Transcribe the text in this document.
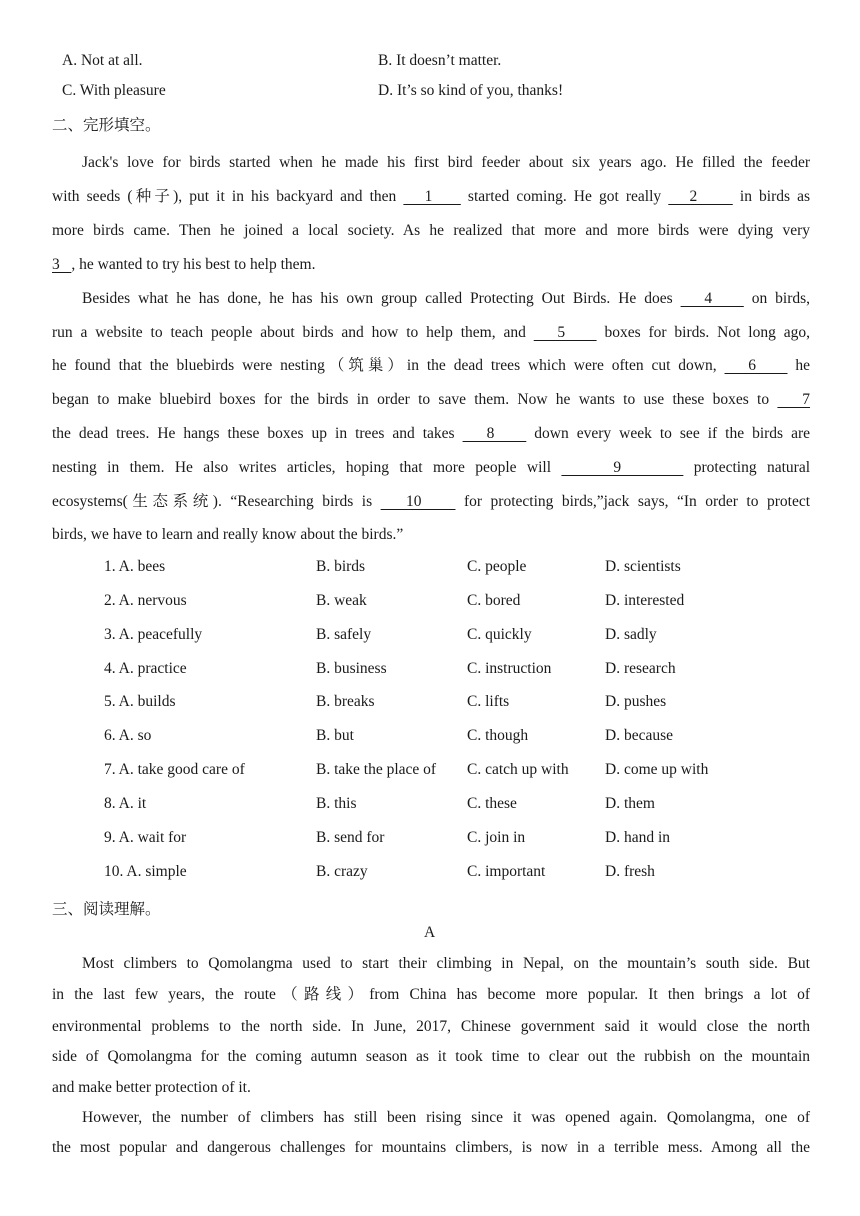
A. Not at all.	B. It doesn’t matter.
C. With pleasure	D. It’s so kind of you, thanks!
二、完形填空。
Jack's love for birds started when he made his first bird feeder about six years ago. He filled the feeder
with seeds (种子), put it in his backyard and then    1     started coming. He got really    2      in birds as
more birds came. Then he joined a local society. As he realized that more and more birds were dying very
3   , he wanted to try his best to help them.
Besides what he has done, he has his own group called Protecting Out Birds. He does    4     on birds,
run a website to teach people about birds and how to help them, and    5     boxes for birds. Not long ago,
he found that the bluebirds were nesting（筑巢）in the dead trees which were often cut down,    6     he
began to make bluebird boxes for the birds in order to save them. Now he wants to use these boxes to    7
the dead trees. He hangs these boxes up in trees and takes    8     down every week to see if the birds are
nesting in them. He also writes articles, hoping that more people will      9       protecting natural
ecosystems(生态系统). “Researching birds is    10     for protecting birds,”jack says, “In order to protect
birds, we have to learn and really know about the birds.”
1. A. bees	B. birds	C. people	D. scientists
2. A. nervous	B. weak	C. bored	D. interested
3. A. peacefully	B. safely	C. quickly	D. sadly
4. A. practice	B. business	C. instruction	D. research
5. A. builds	B. breaks	C. lifts	D. pushes
6. A. so	B. but	C. though	D. because
7. A. take good care of	B. take the place of C. catch up with D. come up with
8. A. it	B. this	C. these	D. them
9. A. wait for	B. send for	C. join in	D. hand in
10. A. simple	B. crazy	C. important	D. fresh
三、阅读理解。
A
Most climbers to Qomolangma used to start their climbing in Nepal, on the mountain’s south side. But
in the last few years, the route（路线）from China has become more popular. It then brings a lot of
environmental problems to the north side. In June, 2017, Chinese government said it would close the north
side of Qomolangma for the coming autumn season as it took time to clear out the rubbish on the mountain
and make better protection of it.
However, the number of climbers has still been rising since it was opened again. Qomolangma, one of
the most popular and dangerous challenges for mountains climbers, is now in a terrible mess. Among all the
